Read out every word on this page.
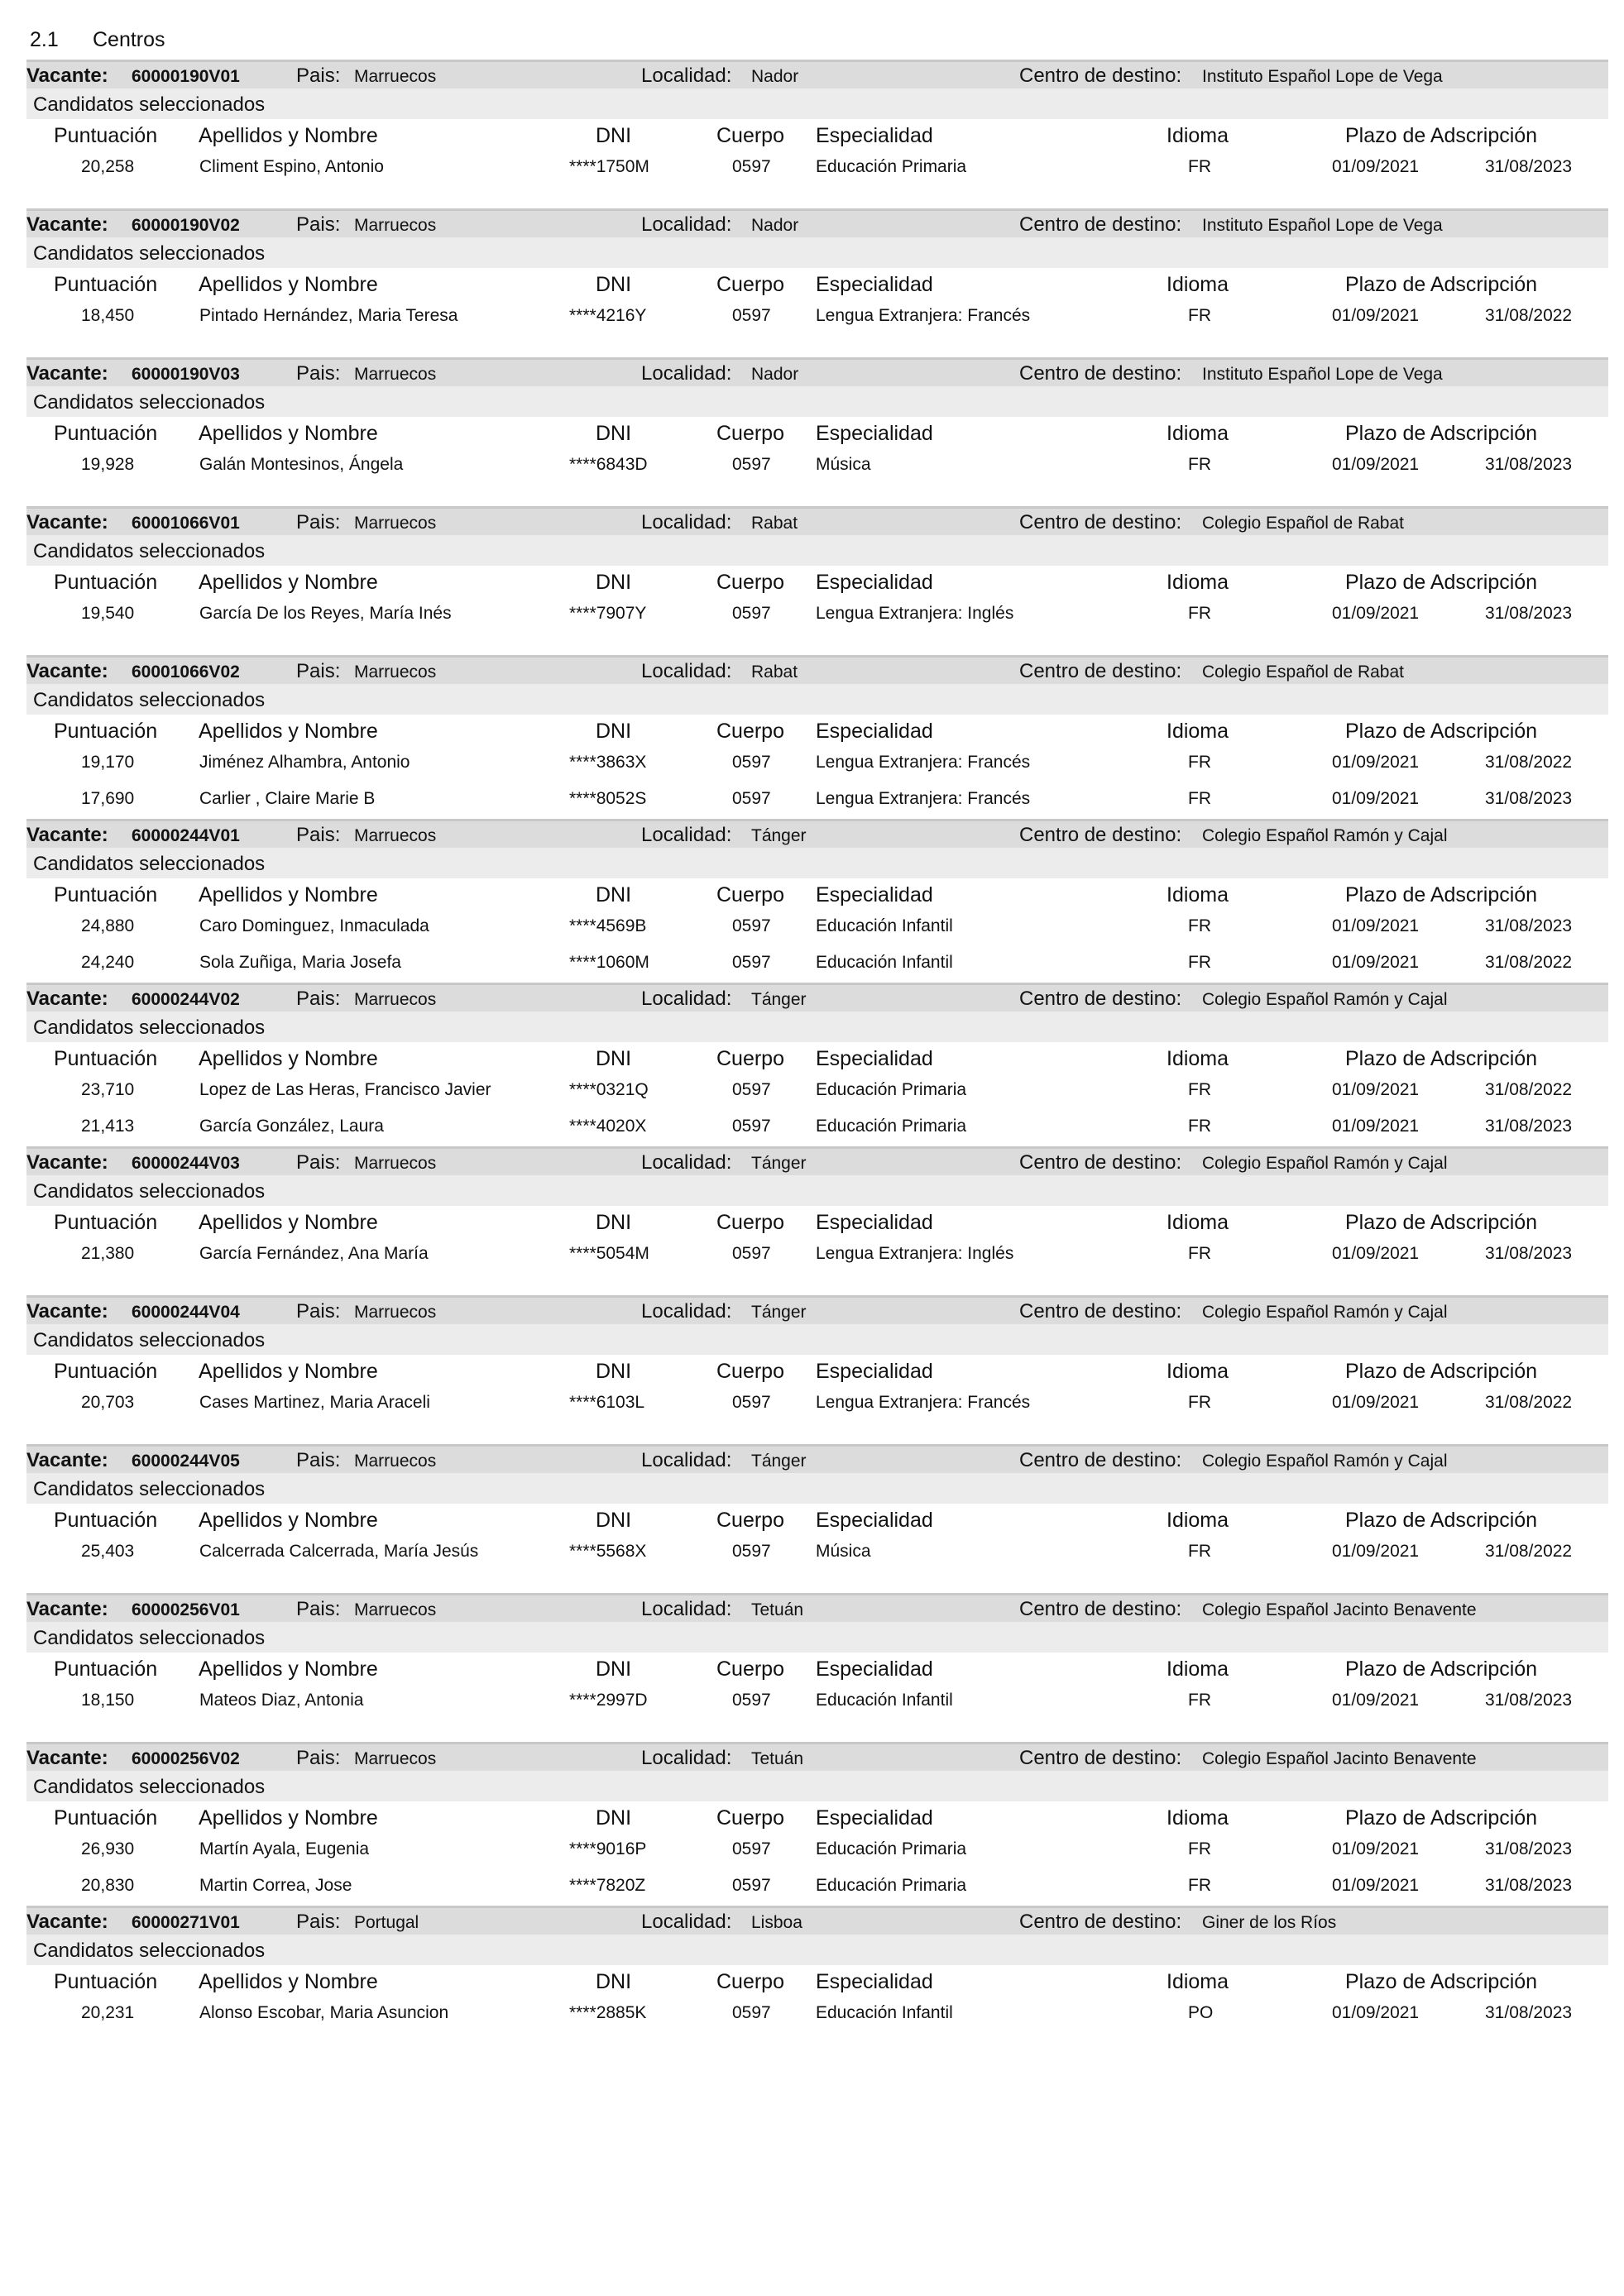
2.1 Centros
Vacante: 60000190V01	Pais: Marruecos	Localidad: Nador	Centro de destino: Instituto Español Lope de Vega
Candidatos seleccionados
Puntuación Apellidos y Nombre	DNI	Cuerpo Especialidad	Idioma	Plazo de Adscripción
20,258	Climent Espino, Antonio	****1750M	0597	Educación Primaria	FR	01/09/2021	31/08/2023
Vacante: 60000190V02	Pais: Marruecos	Localidad: Nador	Centro de destino: Instituto Español Lope de Vega
Candidatos seleccionados
Puntuación Apellidos y Nombre	DNI	Cuerpo Especialidad	Idioma	Plazo de Adscripción
18,450	Pintado Hernández, Maria Teresa	****4216Y	0597	Lengua Extranjera: Francés	FR	01/09/2021	31/08/2022
Vacante: 60000190V03	Pais: Marruecos	Localidad: Nador	Centro de destino: Instituto Español Lope de Vega
Candidatos seleccionados
Puntuación Apellidos y Nombre	DNI	Cuerpo Especialidad	Idioma	Plazo de Adscripción
19,928	Galán Montesinos, Ángela	****6843D	0597	Música	FR	01/09/2021	31/08/2023
Vacante: 60001066V01	Pais: Marruecos	Localidad: Rabat	Centro de destino: Colegio Español de Rabat
Candidatos seleccionados
Puntuación Apellidos y Nombre	DNI	Cuerpo Especialidad	Idioma	Plazo de Adscripción
19,540	García De los Reyes, María Inés	****7907Y	0597	Lengua Extranjera: Inglés	FR	01/09/2021	31/08/2023
Vacante: 60001066V02	Pais: Marruecos	Localidad: Rabat	Centro de destino: Colegio Español de Rabat
Candidatos seleccionados
Puntuación Apellidos y Nombre	DNI	Cuerpo Especialidad	Idioma	Plazo de Adscripción
19,170	Jiménez Alhambra, Antonio	****3863X	0597	Lengua Extranjera: Francés	FR	01/09/2021	31/08/2022
17,690	Carlier , Claire Marie B	****8052S	0597	Lengua Extranjera: Francés	FR	01/09/2021	31/08/2023
Vacante: 60000244V01	Pais: Marruecos	Localidad: Tánger	Centro de destino: Colegio Español Ramón y Cajal
Candidatos seleccionados
Puntuación Apellidos y Nombre	DNI	Cuerpo Especialidad	Idioma	Plazo de Adscripción
24,880	Caro Dominguez, Inmaculada	****4569B	0597	Educación Infantil	FR	01/09/2021	31/08/2023
24,240	Sola Zuñiga, Maria Josefa	****1060M	0597	Educación Infantil	FR	01/09/2021	31/08/2022
Vacante: 60000244V02	Pais: Marruecos	Localidad: Tánger	Centro de destino: Colegio Español Ramón y Cajal
Candidatos seleccionados
Puntuación Apellidos y Nombre	DNI	Cuerpo Especialidad	Idioma	Plazo de Adscripción
23,710	Lopez de Las Heras, Francisco Javier	****0321Q	0597	Educación Primaria	FR	01/09/2021	31/08/2022
21,413	García González, Laura	****4020X	0597	Educación Primaria	FR	01/09/2021	31/08/2023
Vacante: 60000244V03	Pais: Marruecos	Localidad: Tánger	Centro de destino: Colegio Español Ramón y Cajal
Candidatos seleccionados
Puntuación Apellidos y Nombre	DNI	Cuerpo Especialidad	Idioma	Plazo de Adscripción
21,380	García Fernández, Ana María	****5054M	0597	Lengua Extranjera: Inglés	FR	01/09/2021	31/08/2023
Vacante: 60000244V04	Pais: Marruecos	Localidad: Tánger	Centro de destino: Colegio Español Ramón y Cajal
Candidatos seleccionados
Puntuación Apellidos y Nombre	DNI	Cuerpo Especialidad	Idioma	Plazo de Adscripción
20,703	Cases Martinez, Maria Araceli	****6103L	0597	Lengua Extranjera: Francés	FR	01/09/2021	31/08/2022
Vacante: 60000244V05	Pais: Marruecos	Localidad: Tánger	Centro de destino: Colegio Español Ramón y Cajal
Candidatos seleccionados
Puntuación Apellidos y Nombre	DNI	Cuerpo Especialidad	Idioma	Plazo de Adscripción
25,403	Calcerrada Calcerrada, María Jesús	****5568X	0597	Música	FR	01/09/2021	31/08/2022
Vacante: 60000256V01	Pais: Marruecos	Localidad: Tetuán	Centro de destino: Colegio Español Jacinto Benavente
Candidatos seleccionados
Puntuación Apellidos y Nombre	DNI	Cuerpo Especialidad	Idioma	Plazo de Adscripción
18,150	Mateos Diaz, Antonia	****2997D	0597	Educación Infantil	FR	01/09/2021	31/08/2023
Vacante: 60000256V02	Pais: Marruecos	Localidad: Tetuán	Centro de destino: Colegio Español Jacinto Benavente
Candidatos seleccionados
Puntuación Apellidos y Nombre	DNI	Cuerpo Especialidad	Idioma	Plazo de Adscripción
26,930	Martín Ayala, Eugenia	****9016P	0597	Educación Primaria	FR	01/09/2021	31/08/2023
20,830	Martin Correa, Jose	****7820Z	0597	Educación Primaria	FR	01/09/2021	31/08/2023
Vacante: 60000271V01	Pais: Portugal	Localidad: Lisboa	Centro de destino: Giner de los Ríos
Candidatos seleccionados
Puntuación Apellidos y Nombre	DNI	Cuerpo Especialidad	Idioma	Plazo de Adscripción
20,231	Alonso Escobar, Maria Asuncion	****2885K	0597	Educación Infantil	PO	01/09/2021	31/08/2023
